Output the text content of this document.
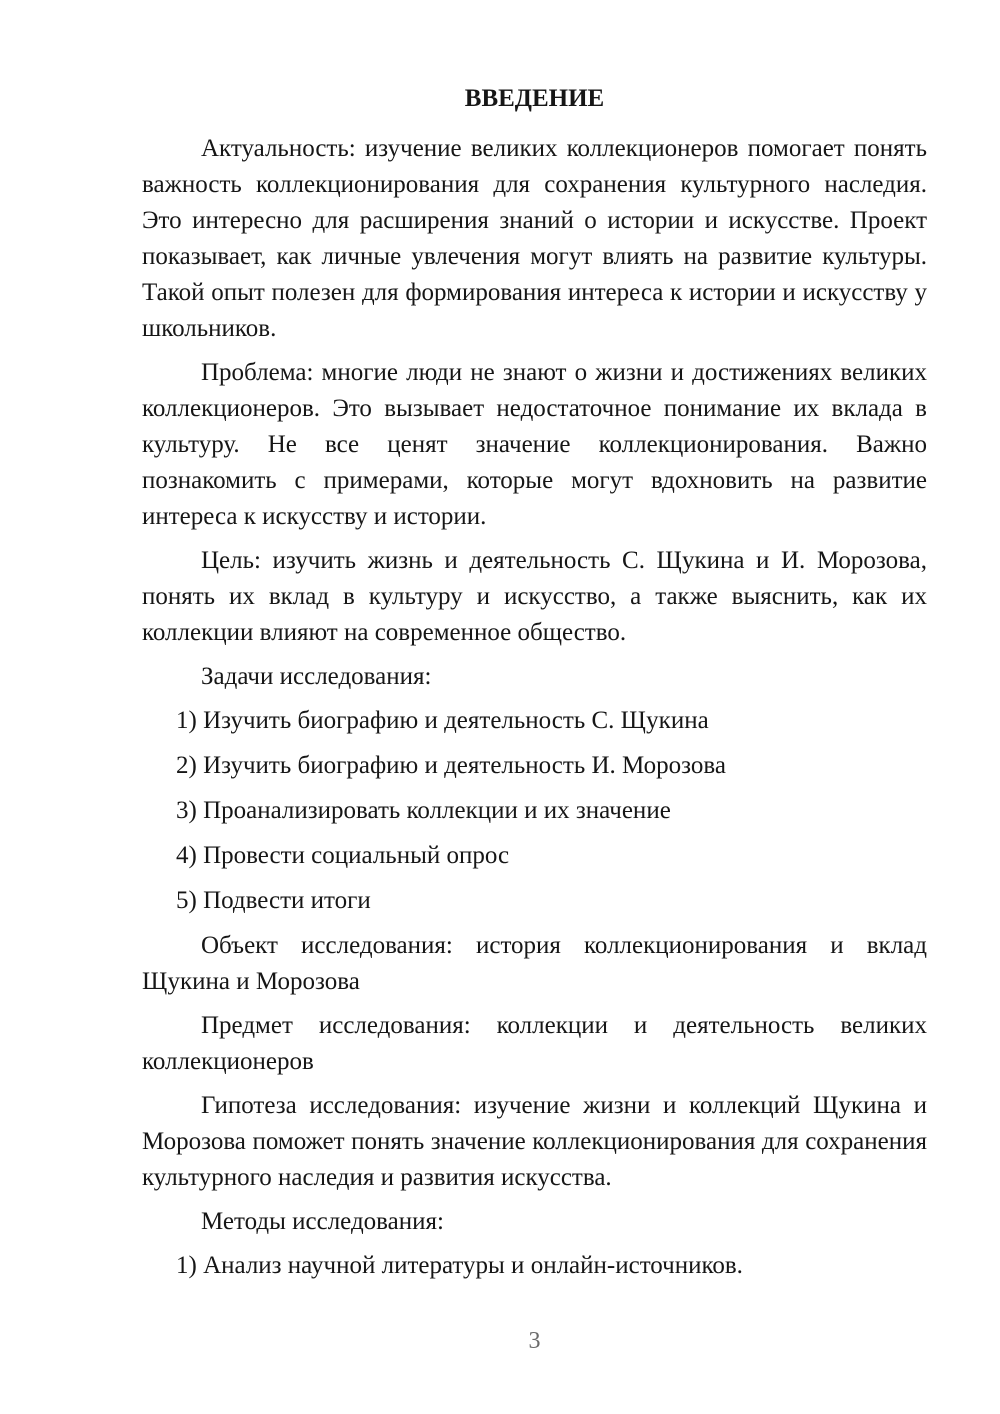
ВВЕДЕНИЕ

Актуальность: изучение великих коллекционеров помогает понять важность коллекционирования для сохранения культурного наследия. Это интересно для расширения знаний о истории и искусстве. Проект показывает, как личные увлечения могут влиять на развитие культуры. Такой опыт полезен для формирования интереса к истории и искусству у школьников.

Проблема: многие люди не знают о жизни и достижениях великих коллекционеров. Это вызывает недостаточное понимание их вклада в культуру. Не все ценят значение коллекционирования. Важно познакомить с примерами, которые могут вдохновить на развитие интереса к искусству и истории.

Цель: изучить жизнь и деятельность С. Щукина и И. Морозова, понять их вклад в культуру и искусство, а также выяснить, как их коллекции влияют на современное общество.

Задачи исследования:

1) Изучить биографию и деятельность С. Щукина

2) Изучить биографию и деятельность И. Морозова

3) Проанализировать коллекции и их значение

4) Провести социальный опрос

5) Подвести итоги

Объект исследования: история коллекционирования и вклад Щукина и Морозова

Предмет исследования: коллекции и деятельность великих коллекционеров

Гипотеза исследования: изучение жизни и коллекций Щукина и Морозова поможет понять значение коллекционирования для сохранения культурного наследия и развития искусства.

Методы исследования:

1) Анализ научной литературы и онлайн-источников.

3
